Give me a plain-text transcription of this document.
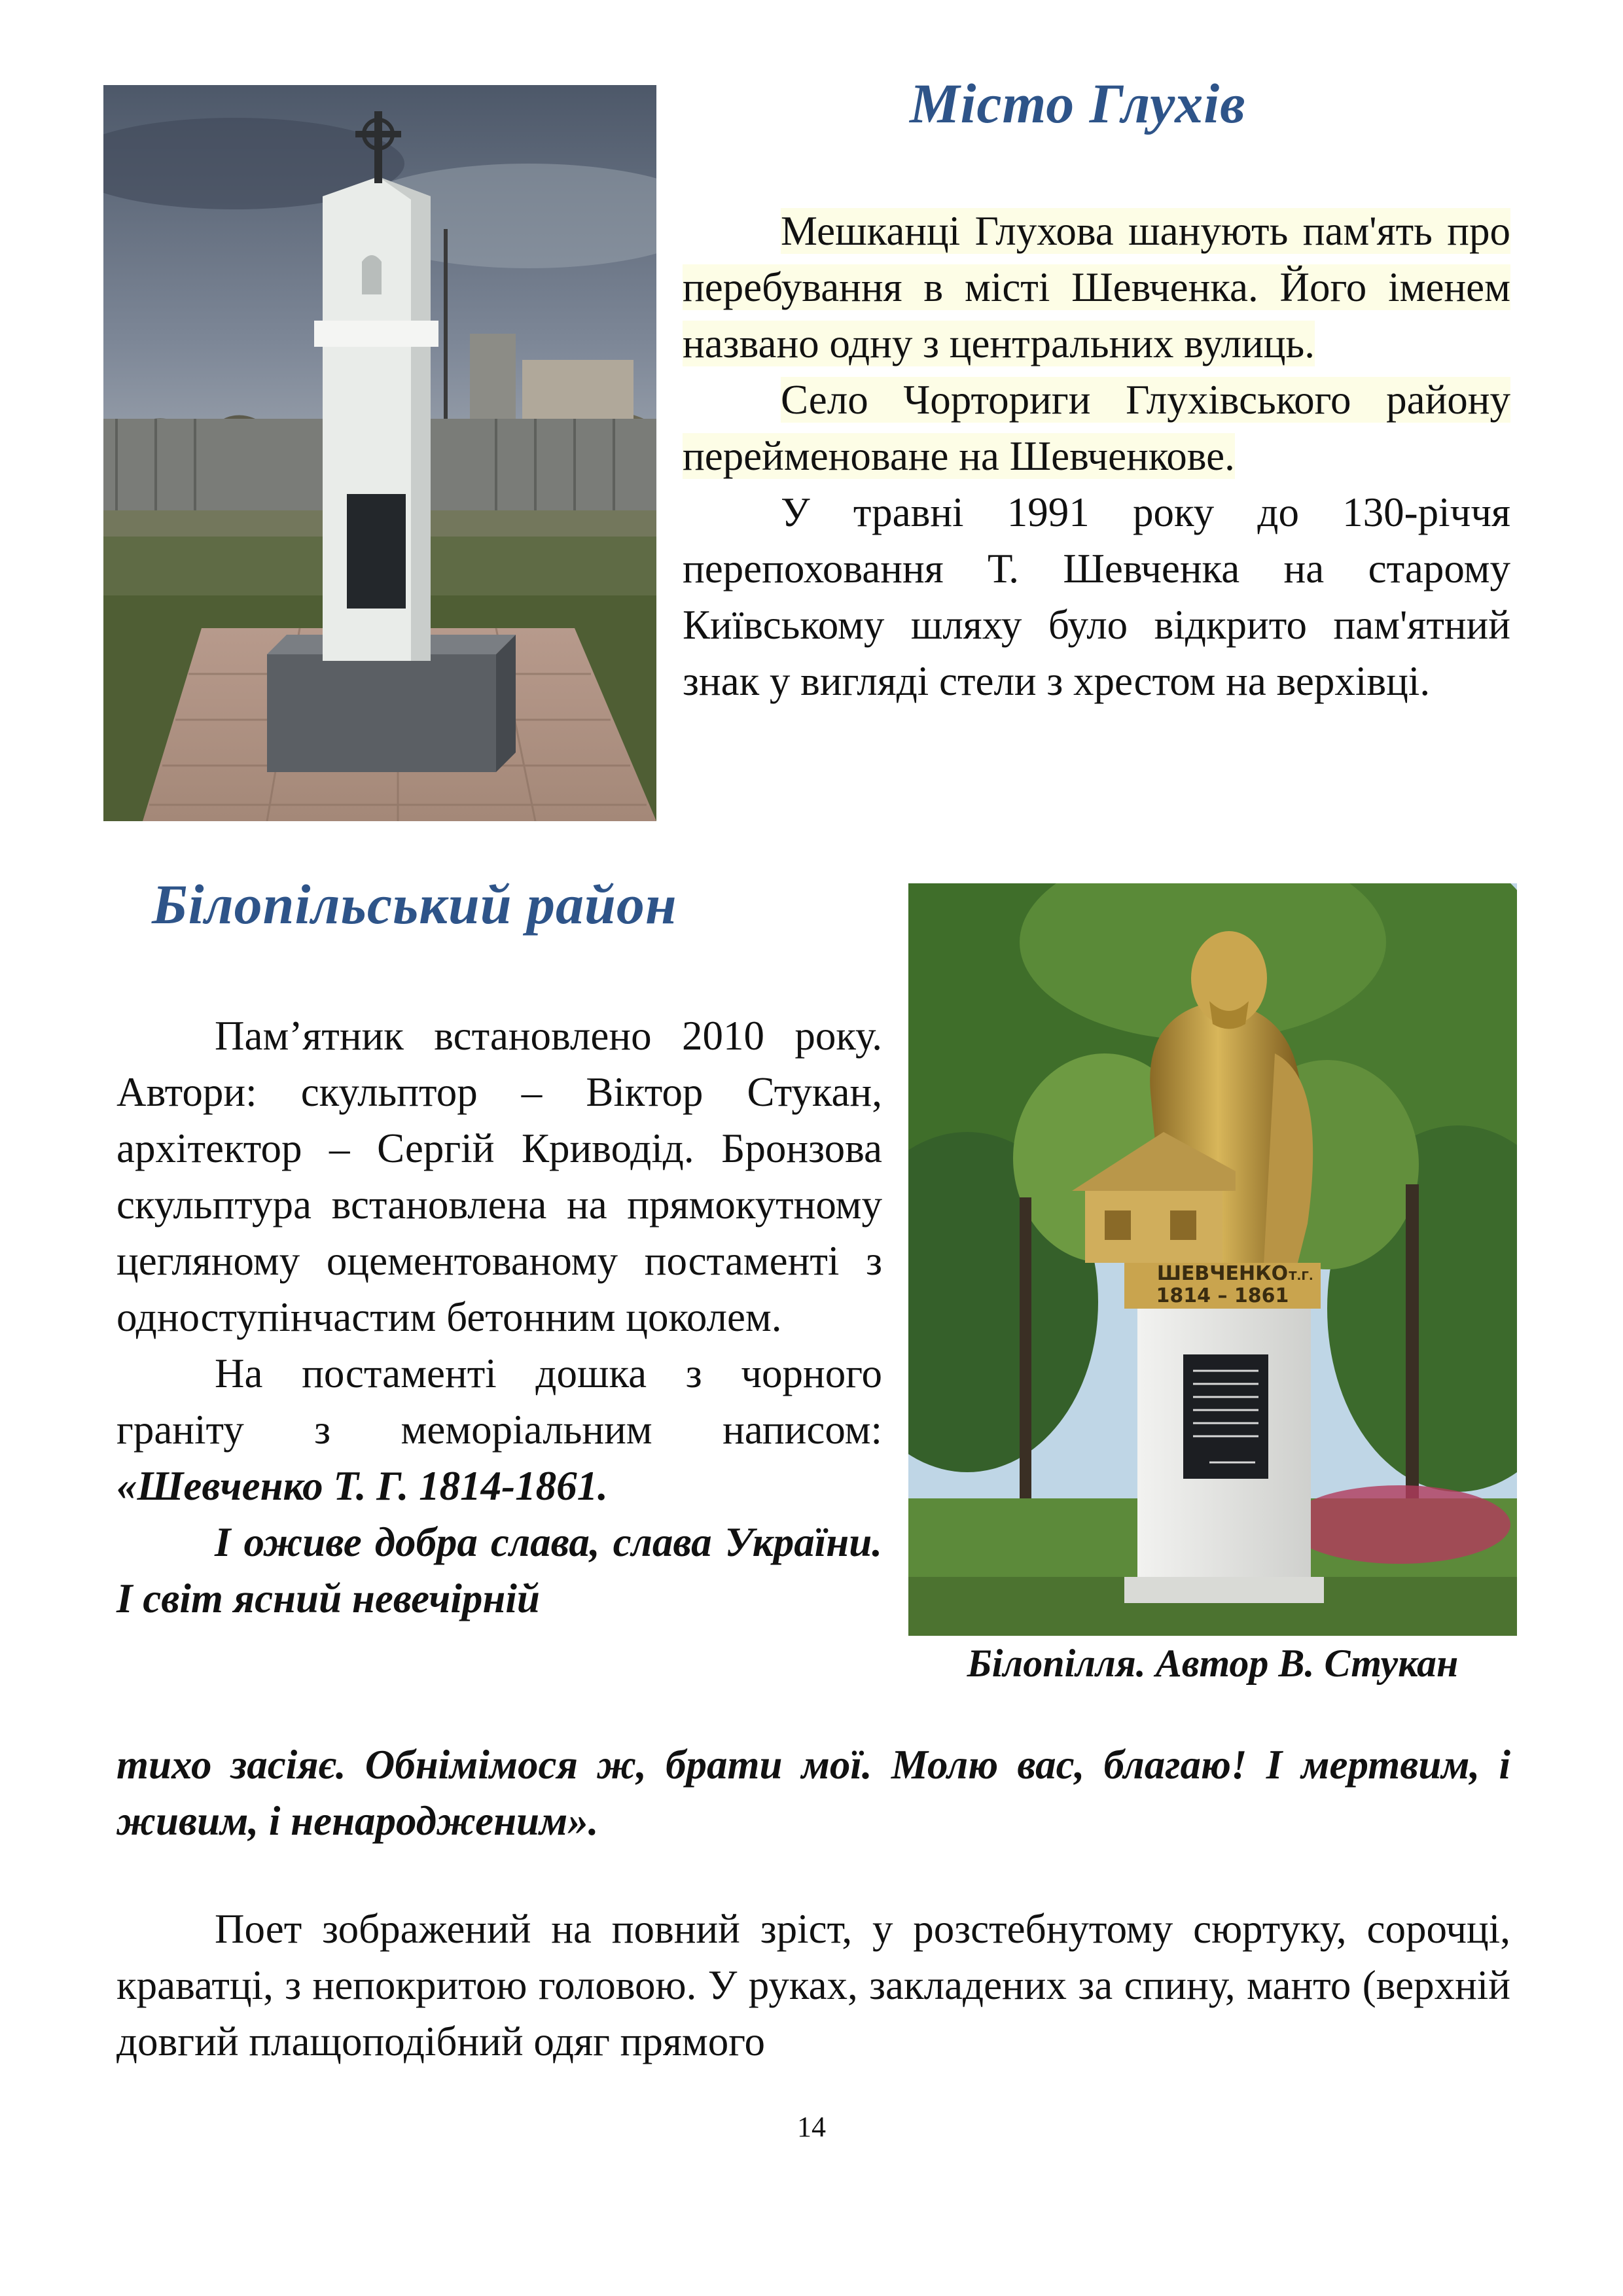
Місто Глухів

Мешканці Глухова шанують пам'ять про перебування в місті Шевченка. Його іменем названо одну з центральних вулиць.

Село Чорториги Глухівського району перейменоване на Шевченкове.

У травні 1991 року до 130-річчя перепоховання Т. Шевченка на старому Київському шляху було відкрито пам'ятний знак у вигляді стели з хрестом на верхівці.

Білопільський район
ШЕВЧЕНКО Т.Г.
1814 – 1861
Білопілля. Автор В. Стукан

Пам’ятник встановлено 2010 року. Автори: скульптор – Віктор Стукан, архітектор – Сергій Криводід. Бронзова скульптура встановлена на прямокутному цегляному оцементованому постаменті з одноступінчастим бетонним цоколем.

На постаменті дошка з чорного граніту з меморіальним написом: «Шевченко Т. Г. 1814-1861.

І оживе добра слава, слава України. І світ ясний невечірній

тихо засіяє. Обнімімося ж, брати мої. Молю вас, благаю! І мертвим, і живим, і ненародженим».

Поет зображений на повний зріст, у розстебнутому сюртуку, сорочці, краватці, з непокритою головою. У руках, закладених за спину, манто (верхній довгий плащоподібний одяг прямого

14
